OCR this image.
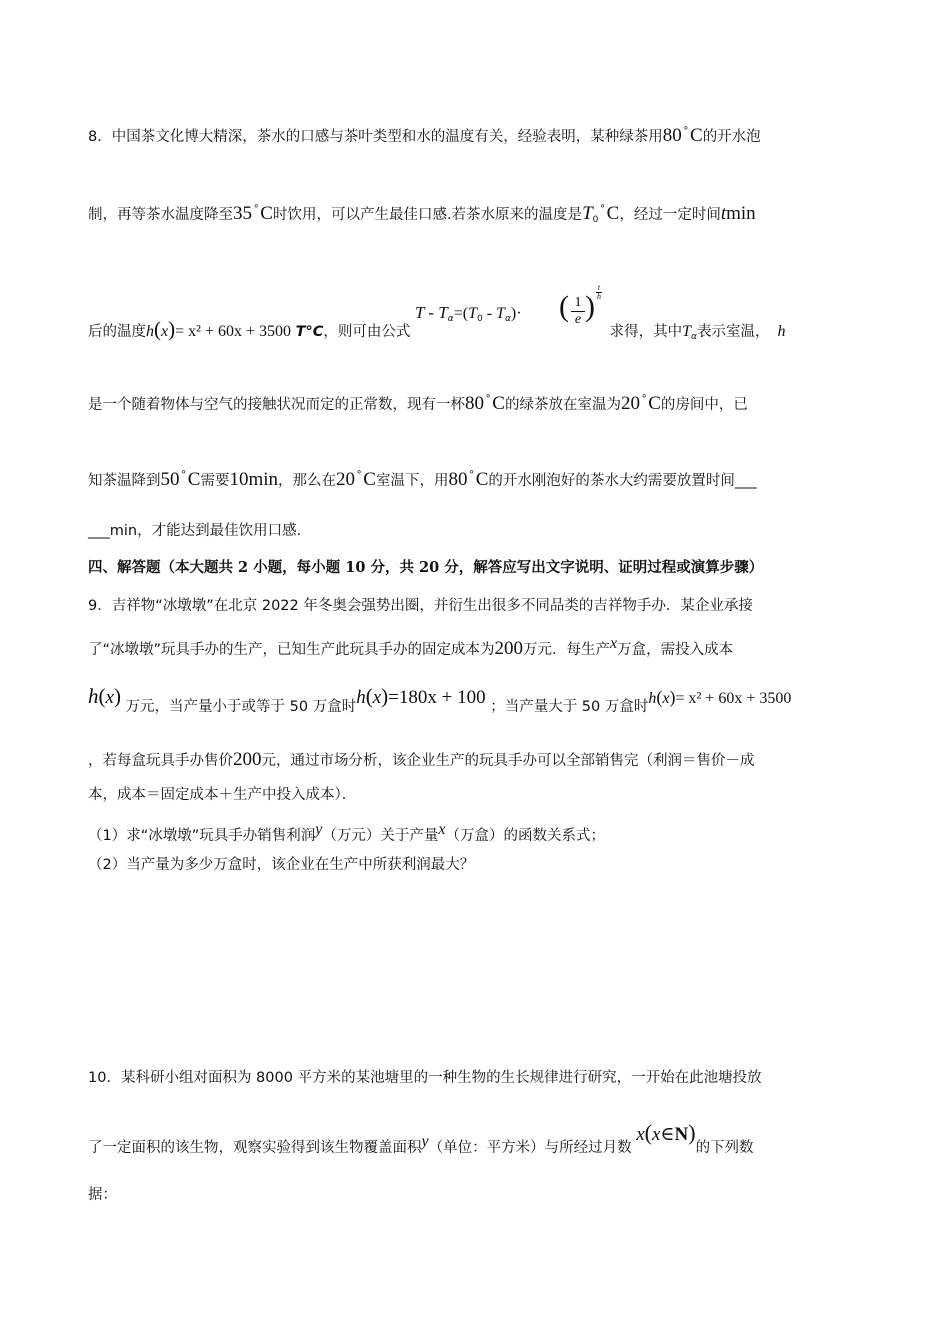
8．中国茶文化博大精深，茶水的口感与茶叶类型和水的温度有关，经验表明，某种绿茶用80∘C的开水泡
制，再等茶水温度降至35∘C时饮用，可以产生最佳口感.若茶水原来的温度是$T_0^\circ C$，经过一定时间tmin
后的温度h(x)= x² + 60x + 3500 T°C，则可由公式
$T - T_\alpha=(T_0 - T_\alpha)\cdot$ ( 1
e )
t
h
求得，其中$T_\alpha$表示室温， h
是一个随着物体与空气的接触状况而定的正常数，现有一杯80∘C的绿茶放在室温为20∘C的房间中，已
知茶温降到50∘C需要10min，那么在20∘C室温下，用80∘C的开水刚泡好的茶水大约需要放置时间___
___min，才能达到最佳饮用口感.
四、解答题（本大题共 2 小题，每小题 10 分，共 20 分，解答应写出文字说明、证明过程或演算步骤）
9．吉祥物“冰墩墩”在北京 2022 年冬奥会强势出圈，并衍生出很多不同品类的吉祥物手办．某企业承接
了“冰墩墩”玩具手办的生产，已知生产此玩具手办的固定成本为200万元．每生产$^x$万盒，需投入成本
h(x) 万元，当产量小于或等于 50 万盒时h(x)=180x + 100 ；当产量大于 50 万盒时h(x)= x² + 60x + 3500
，若每盒玩具手办售价200元，通过市场分析，该企业生产的玩具手办可以全部销售完（利润＝售价－成
本，成本＝固定成本＋生产中投入成本）．
（1）求“冰墩墩”玩具手办销售利润$^y$（万元）关于产量$^x$（万盒）的函数关系式；
（2）当产量为多少万盒时，该企业在生产中所获利润最大？
10．某科研小组对面积为 8000 平方米的某池塘里的一种生物的生长规律进行研究，一开始在此池塘投放
了一定面积的该生物，观察实验得到该生物覆盖面积$^y$（单位：平方米）与所经过月数 x(x∈N)的下列数
据：
